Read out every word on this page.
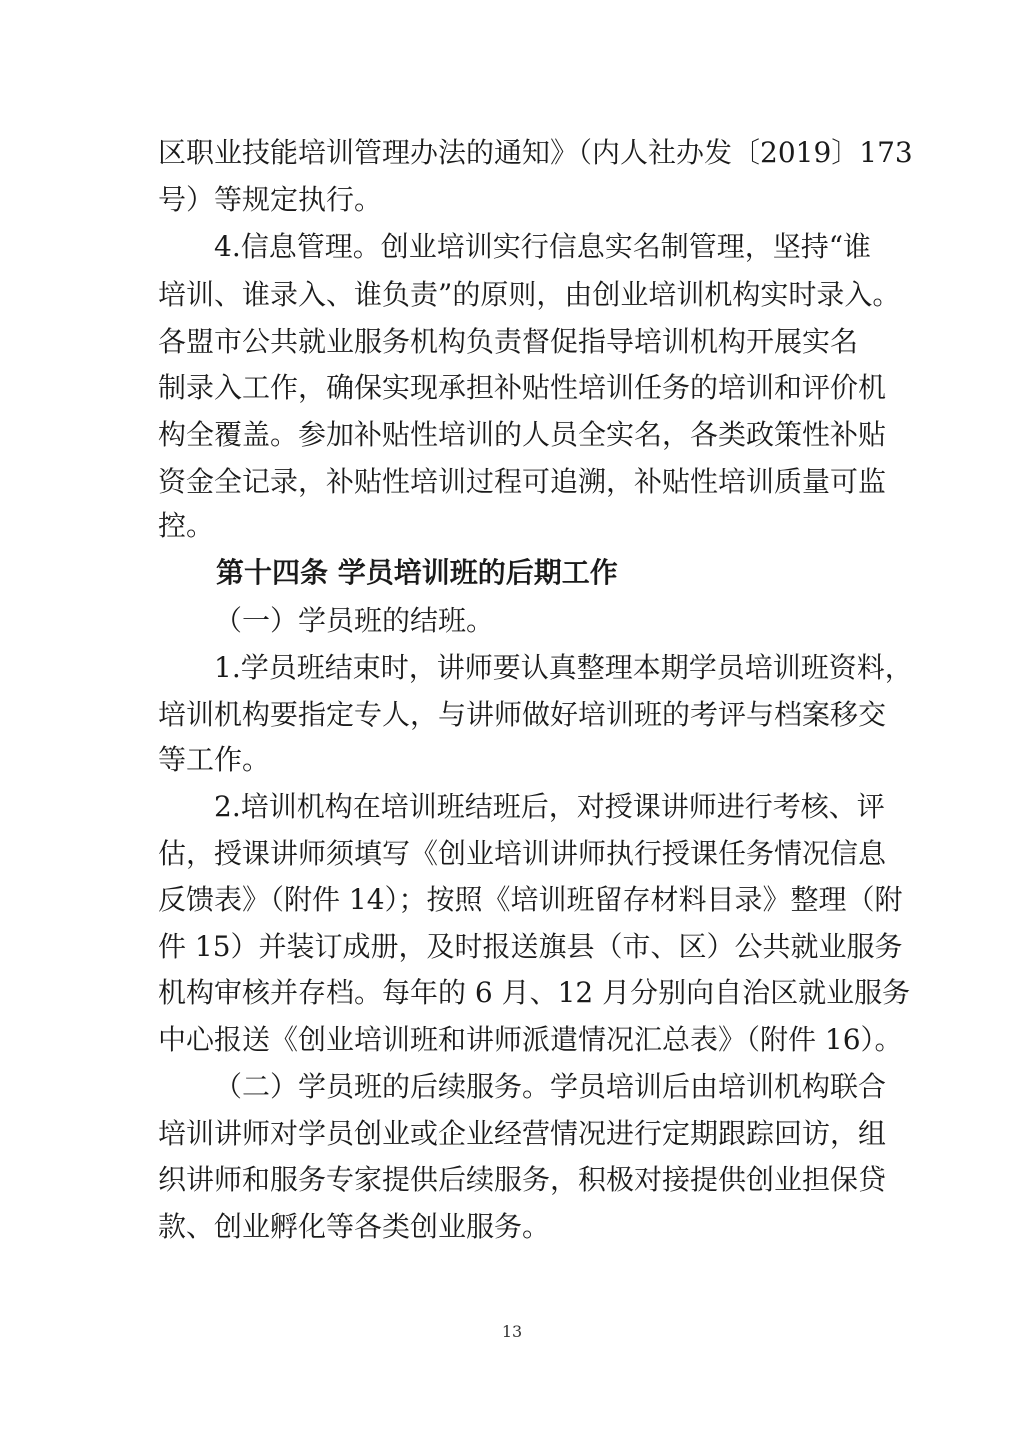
区职业技能培训管理办法的通知》（内人社办发〔2019〕173
号）等规定执行。
4.信息管理。创业培训实行信息实名制管理，坚持“谁
培训、谁录入、谁负责”的原则，由创业培训机构实时录入。
各盟市公共就业服务机构负责督促指导培训机构开展实名
制录入工作，确保实现承担补贴性培训任务的培训和评价机
构全覆盖。参加补贴性培训的人员全实名，各类政策性补贴
资金全记录，补贴性培训过程可追溯，补贴性培训质量可监
控。
第十四条 学员培训班的后期工作
（一）学员班的结班。
1.学员班结束时，讲师要认真整理本期学员培训班资料，
培训机构要指定专人，与讲师做好培训班的考评与档案移交
等工作。
2.培训机构在培训班结班后，对授课讲师进行考核、评
估，授课讲师须填写《创业培训讲师执行授课任务情况信息
反馈表》（附件 14）；按照《培训班留存材料目录》整理（附
件 15）并装订成册，及时报送旗县（市、区）公共就业服务
机构审核并存档。每年的 6 月、12 月分别向自治区就业服务
中心报送《创业培训班和讲师派遣情况汇总表》（附件 16）。
（二）学员班的后续服务。学员培训后由培训机构联合
培训讲师对学员创业或企业经营情况进行定期跟踪回访，组
织讲师和服务专家提供后续服务，积极对接提供创业担保贷
款、创业孵化等各类创业服务。
13
